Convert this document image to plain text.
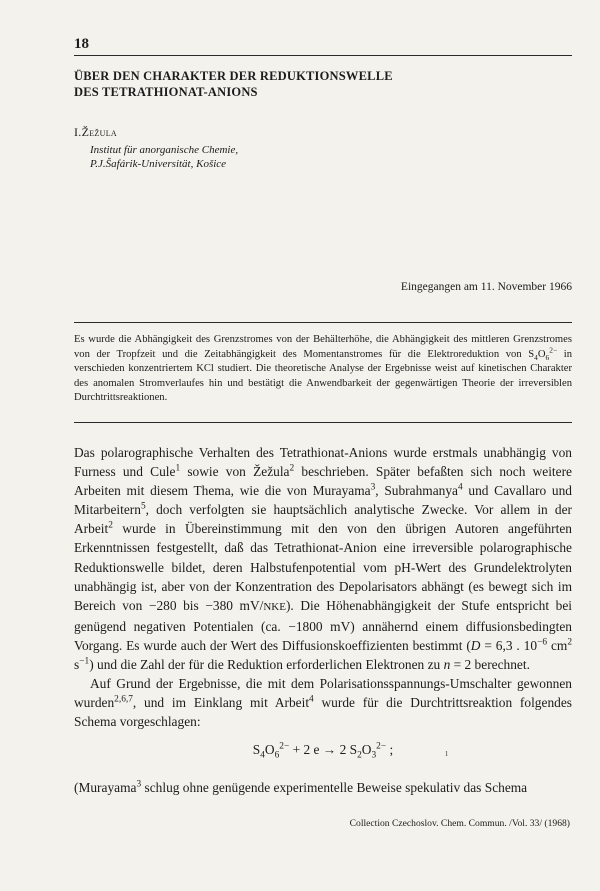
18
ÜBER DEN CHARAKTER DER REDUKTIONSWELLE
DES TETRATHIONAT-ANIONS
I.Žežula
Institut für anorganische Chemie,
P.J.Šafárik-Universität, Košice
Eingegangen am 11. November 1966
Es wurde die Abhängigkeit des Grenzstromes von der Behälterhöhe, die Abhängigkeit des mittleren Grenzstromes von der Tropfzeit und die Zeitabhängigkeit des Momentanstromes für die Elektroreduktion von $S_4O_6^{2-}$ in verschieden konzentriertem KCl studiert. Die theoretische Analyse der Ergebnisse weist auf kinetischen Charakter des anomalen Stromverlaufes hin und bestätigt die Anwendbarkeit der gegenwärtigen Theorie der irreversiblen Durchtrittsreaktionen.

Das polarographische Verhalten des Tetrathionat-Anions wurde erstmals unabhängig von Furness und Cule$^1$ sowie von Žežula$^2$ beschrieben. Später befaßten sich noch weitere Arbeiten mit diesem Thema, wie die von Murayama$^3$, Subrahmanya$^4$ und Cavallaro und Mitarbeitern$^5$, doch verfolgten sie hauptsächlich analytische Zwecke. Vor allem in der Arbeit$^2$ wurde in Übereinstimmung mit den von den übrigen Autoren angeführten Erkenntnissen festgestellt, daß das Tetrathionat-Anion eine irreversible polarographische Reduktionswelle bildet, deren Halbstufenpotential vom pH-Wert des Grundelektrolyten unabhängig ist, aber von der Konzentration des Depolarisators abhängt (es bewegt sich im Bereich von −280 bis −380 mV/NKE). Die Höhenabhängigkeit der Stufe entspricht bei genügend negativen Potentialen (ca. −1800 mV) annähernd einem diffusionsbedingten Vorgang. Es wurde auch der Wert des Diffusionskoeffizienten bestimmt (D = 6,3 . $10^{-6}$ $cm^2$ $s^{-1}$) und die Zahl der für die Reduktion erforderlichen Elektronen zu n = 2 berechnet.

Auf Grund der Ergebnisse, die mit dem Polarisationsspannungs-Umschalter gewonnen wurden$^{2,6,7}$, und im Einklang mit Arbeit$^4$ wurde für die Durchtrittsreaktion folgendes Schema vorgeschlagen:

$S_4O_6^{2-} + 2$ e → 2 $S_2O_3^{2-}$ ;	ı
(Murayama$^3$ schlug ohne genügende experimentelle Beweise spekulativ das Schema
Collection Czechoslov. Chem. Commun. /Vol. 33/ (1968)
